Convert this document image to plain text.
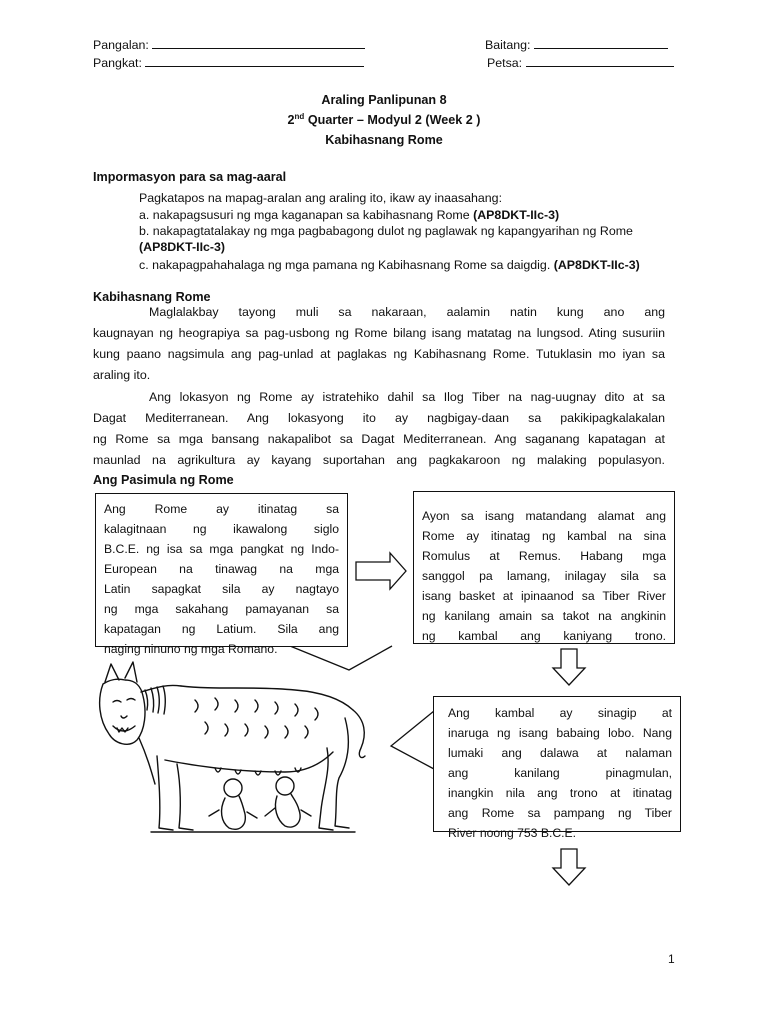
Pangalan:	Baitang:
Pangkat:	Petsa:
Araling Panlipunan 8
2nd Quarter – Modyul 2 (Week 2 )
Kabihasnang Rome
Impormasyon para sa mag-aaral
Pagkatapos na mapag-aralan ang araling ito, ikaw ay inaasahang:
a. nakapagsusuri ng mga kaganapan sa kabihasnang Rome (AP8DKT-IIc-3)
b. nakapagtatalakay ng mga pagbabagong dulot ng paglawak ng kapangyarihan ng Rome
(AP8DKT-IIc-3)
c. nakapagpahahalaga ng mga pamana ng Kabihasnang Rome sa daigdig. (AP8DKT-IIc-3)
Kabihasnang Rome
Maglalakbay tayong muli sa nakaraan, aalamin natin kung ano ang
kaugnayan ng heograpiya sa pag-usbong ng Rome bilang isang matatag na lungsod. Ating susuriin
kung paano nagsimula ang pag-unlad at paglakas ng Kabihasnang Rome. Tutuklasin mo iyan sa
araling ito.
Ang lokasyon ng Rome ay istratehiko dahil sa Ilog Tiber na nag-uugnay dito at sa
Dagat Mediterranean. Ang lokasyong ito ay nagbigay-daan sa pakikipagkalakalan
ng Rome sa mga bansang nakapalibot sa Dagat Mediterranean. Ang saganang kapatagan at
maunlad na agrikultura ay kayang suportahan ang pagkakaroon ng malaking populasyon.
Ang Pasimula ng Rome
Ang Rome ay itinatag sa
kalagitnaan ng ikawalong siglo
B.C.E. ng isa sa mga pangkat ng Indo-
European na tinawag na mga
Latin sapagkat sila ay nagtayo
ng mga sakahang pamayanan sa
kapatagan ng Latium. Sila ang
naging ninuno ng mga Romano.
Ayon sa isang matandang alamat ang
Rome ay itinatag ng kambal na sina
Romulus at Remus. Habang mga
sanggol pa lamang, inilagay sila sa
isang basket at ipinaanod sa Tiber River
ng kanilang amain sa takot na angkinin
ng kambal ang kaniyang trono.
Ang kambal ay sinagip at
inaruga ng isang babaing lobo. Nang
lumaki ang dalawa at nalaman
ang kanilang pinagmulan,
inangkin nila ang trono at itinatag
ang Rome sa pampang ng Tiber
River noong 753 B.C.E.
1
